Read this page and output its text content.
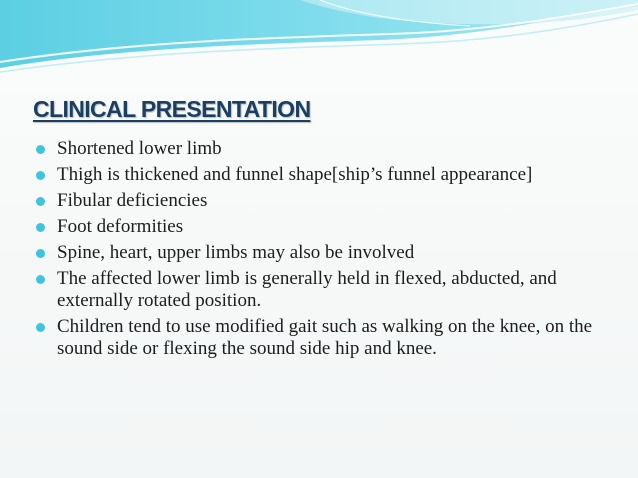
CLINICAL PRESENTATION
Shortened lower limb
Thigh is thickened and funnel shape[ship’s funnel appearance]
Fibular deficiencies
Foot deformities
Spine, heart, upper limbs may also be involved
The affected lower limb is generally held in flexed, abducted, and externally rotated position.
Children tend to use modified gait such as walking on the knee, on the sound side or flexing the sound side hip and knee.
